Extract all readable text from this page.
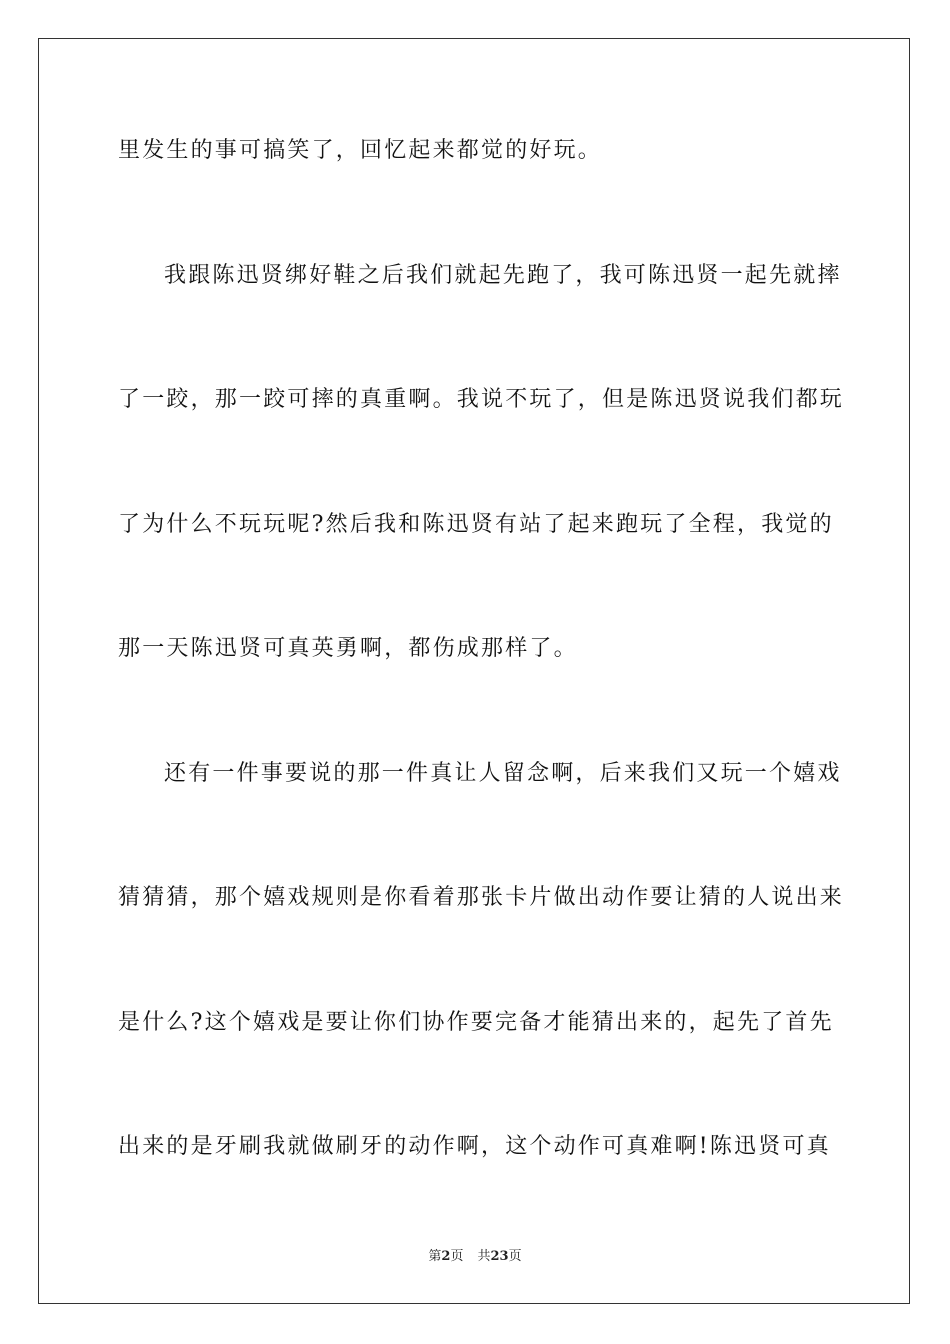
里发生的事可搞笑了，回忆起来都觉的好玩。
我跟陈迅贤绑好鞋之后我们就起先跑了，我可陈迅贤一起先就摔
了一跤，那一跤可摔的真重啊。我说不玩了，但是陈迅贤说我们都玩
了为什么不玩玩呢?然后我和陈迅贤有站了起来跑玩了全程，我觉的
那一天陈迅贤可真英勇啊，都伤成那样了。
还有一件事要说的那一件真让人留念啊，后来我们又玩一个嬉戏
猜猜猜，那个嬉戏规则是你看着那张卡片做出动作要让猜的人说出来
是什么?这个嬉戏是要让你们协作要完备才能猜出来的，起先了首先
出来的是牙刷我就做刷牙的动作啊，这个动作可真难啊!陈迅贤可真
第2页 共23页
